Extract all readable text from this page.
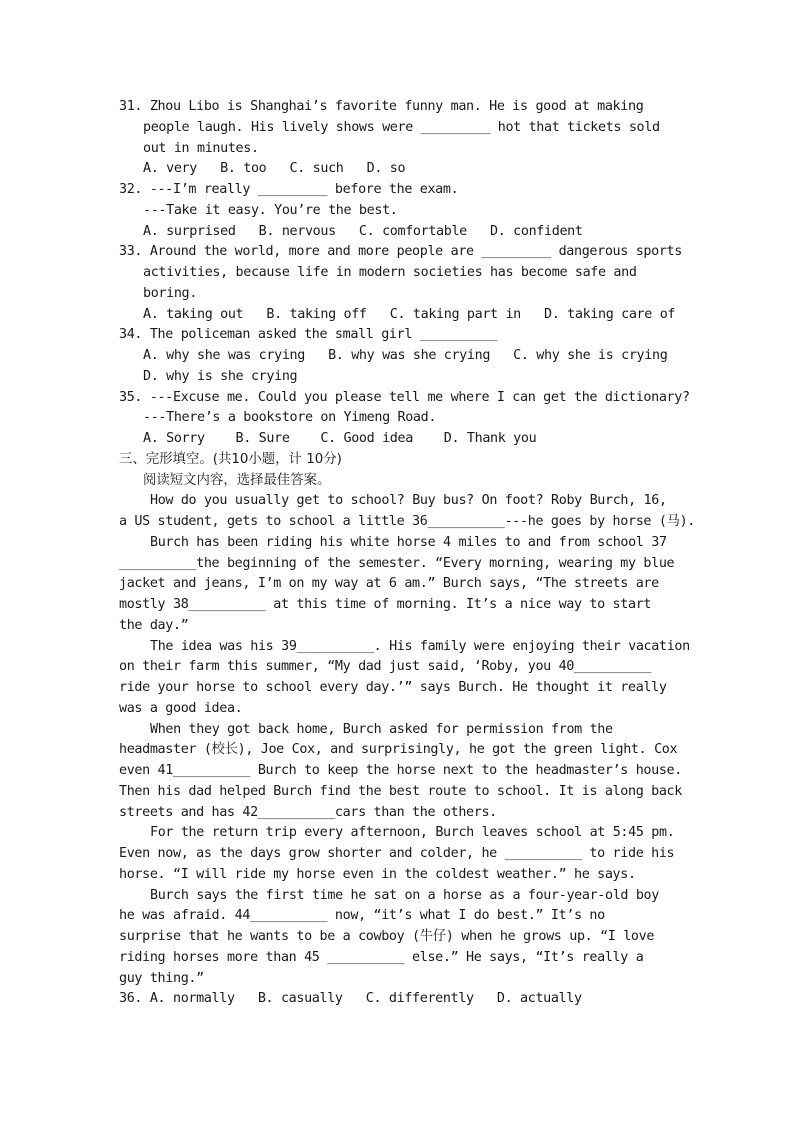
31. Zhou Libo is Shanghai’s favorite funny man. He is good at making
people laugh. His lively shows were _________ hot that tickets sold
out in minutes.
A. very   B. too   C. such   D. so
32. ---I’m really _________ before the exam.
---Take it easy. You’re the best.
A. surprised   B. nervous   C. comfortable   D. confident
33. Around the world, more and more people are _________ dangerous sports
activities, because life in modern societies has become safe and
boring.
A. taking out   B. taking off   C. taking part in   D. taking care of
34. The policeman asked the small girl __________
A. why she was crying   B. why was she crying   C. why she is crying
D. why is she crying
35. ---Excuse me. Could you please tell me where I can get the dictionary?
---There’s a bookstore on Yimeng Road.
A. Sorry    B. Sure    C. Good idea    D. Thank you
三、完形填空。(共10小题，计 10分)
阅读短文内容，选择最佳答案。
How do you usually get to school? Buy bus? On foot? Roby Burch, 16,
a US student, gets to school a little 36__________---he goes by horse (马).
Burch has been riding his white horse 4 miles to and from school 37
__________the beginning of the semester. “Every morning, wearing my blue
jacket and jeans, I’m on my way at 6 am.” Burch says, “The streets are
mostly 38__________ at this time of morning. It’s a nice way to start
the day.”
The idea was his 39__________. His family were enjoying their vacation
on their farm this summer, “My dad just said, ‘Roby, you 40__________
ride your horse to school every day.’” says Burch. He thought it really
was a good idea.
When they got back home, Burch asked for permission from the
headmaster (校长), Joe Cox, and surprisingly, he got the green light. Cox
even 41__________ Burch to keep the horse next to the headmaster’s house.
Then his dad helped Burch find the best route to school. It is along back
streets and has 42__________cars than the others.
For the return trip every afternoon, Burch leaves school at 5:45 pm.
Even now, as the days grow shorter and colder, he __________ to ride his
horse. “I will ride my horse even in the coldest weather.” he says.
Burch says the first time he sat on a horse as a four-year-old boy
he was afraid. 44__________ now, “it’s what I do best.” It’s no
surprise that he wants to be a cowboy (牛仔) when he grows up. “I love
riding horses more than 45 __________ else.” He says, “It’s really a
guy thing.”
36. A. normally   B. casually   C. differently   D. actually
